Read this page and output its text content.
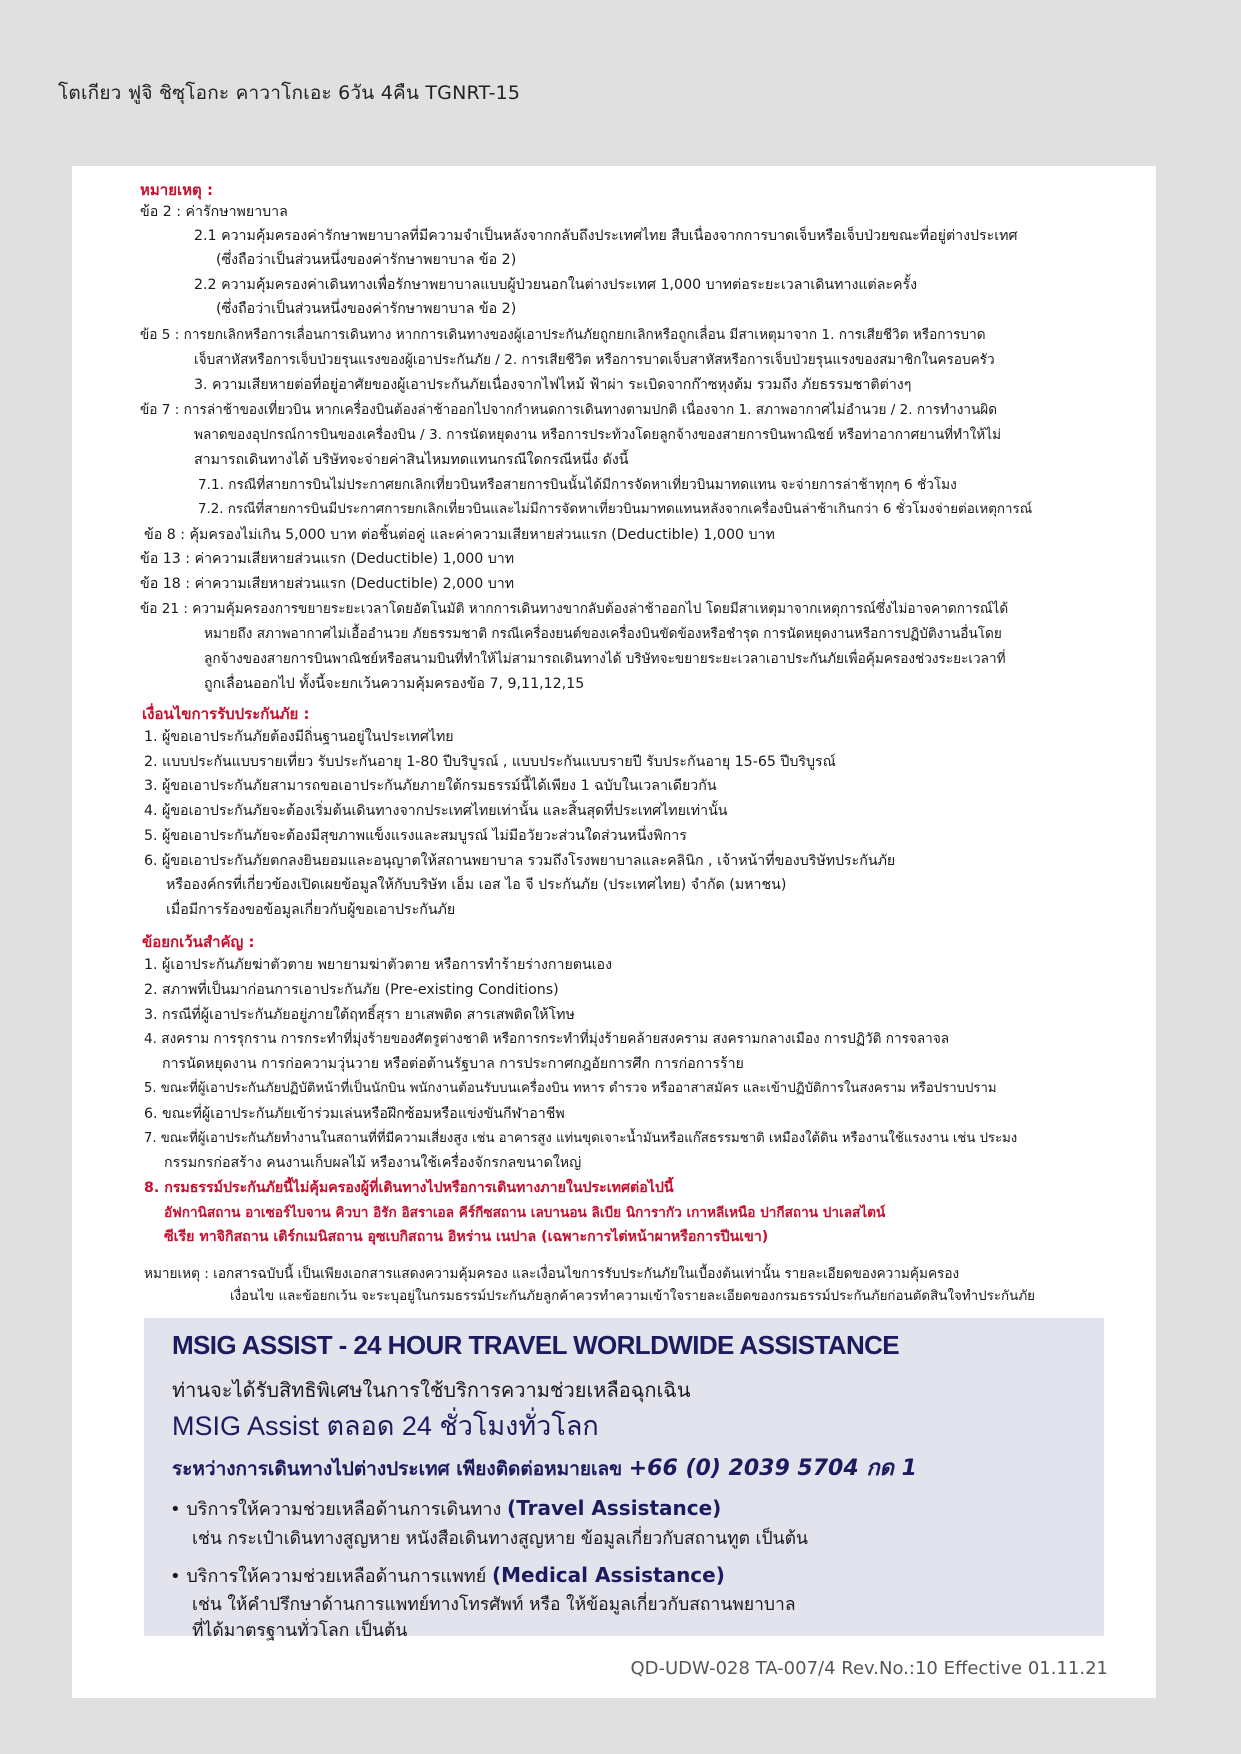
โตเกียว ฟูจิ ชิซุโอกะ คาวาโกเอะ 6วัน 4คืน TGNRT-15
หมายเหตุ :
ข้อ 2 : ค่ารักษาพยาบาล
2.1 ความคุ้มครองค่ารักษาพยาบาลที่มีความจำเป็นหลังจากกลับถึงประเทศไทย สืบเนื่องจากการบาดเจ็บหรือเจ็บป่วยขณะที่อยู่ต่างประเทศ
(ซึ่งถือว่าเป็นส่วนหนึ่งของค่ารักษาพยาบาล ข้อ 2)
2.2 ความคุ้มครองค่าเดินทางเพื่อรักษาพยาบาลแบบผู้ป่วยนอกในต่างประเทศ 1,000 บาทต่อระยะเวลาเดินทางแต่ละครั้ง
(ซึ่งถือว่าเป็นส่วนหนึ่งของค่ารักษาพยาบาล ข้อ 2)
ข้อ 5 : การยกเลิกหรือการเลื่อนการเดินทาง หากการเดินทางของผู้เอาประกันภัยถูกยกเลิกหรือถูกเลื่อน มีสาเหตุมาจาก 1. การเสียชีวิต หรือการบาด
เจ็บสาหัสหรือการเจ็บป่วยรุนแรงของผู้เอาประกันภัย / 2. การเสียชีวิต หรือการบาดเจ็บสาหัสหรือการเจ็บป่วยรุนแรงของสมาชิกในครอบครัว
3. ความเสียหายต่อที่อยู่อาศัยของผู้เอาประกันภัยเนื่องจากไฟไหม้ ฟ้าผ่า ระเบิดจากก๊าซหุงต้ม รวมถึง ภัยธรรมชาติต่างๆ
ข้อ 7 : การล่าช้าของเที่ยวบิน หากเครื่องบินต้องล่าช้าออกไปจากกำหนดการเดินทางตามปกติ เนื่องจาก 1. สภาพอากาศไม่อำนวย / 2. การทำงานผิด
พลาดของอุปกรณ์การบินของเครื่องบิน / 3. การนัดหยุดงาน หรือการประท้วงโดยลูกจ้างของสายการบินพาณิชย์ หรือท่าอากาศยานที่ทำให้ไม่
สามารถเดินทางได้ บริษัทจะจ่ายค่าสินไหมทดแทนกรณีใดกรณีหนึ่ง ดังนี้
7.1. กรณีที่สายการบินไม่ประกาศยกเลิกเที่ยวบินหรือสายการบินนั้นได้มีการจัดหาเที่ยวบินมาทดแทน จะจ่ายการล่าช้าทุกๆ 6 ชั่วโมง
7.2. กรณีที่สายการบินมีประกาศการยกเลิกเที่ยวบินและไม่มีการจัดหาเที่ยวบินมาทดแทนหลังจากเครื่องบินล่าช้าเกินกว่า 6 ชั่วโมงจ่ายต่อเหตุการณ์
ข้อ 8 : คุ้มครองไม่เกิน 5,000 บาท ต่อชิ้นต่อคู่ และค่าความเสียหายส่วนแรก (Deductible) 1,000 บาท
ข้อ 13 : ค่าความเสียหายส่วนแรก (Deductible) 1,000 บาท
ข้อ 18 : ค่าความเสียหายส่วนแรก (Deductible) 2,000 บาท
ข้อ 21 : ความคุ้มครองการขยายระยะเวลาโดยอัตโนมัติ หากการเดินทางขากลับต้องล่าช้าออกไป โดยมีสาเหตุมาจากเหตุการณ์ซึ่งไม่อาจคาดการณ์ได้
หมายถึง สภาพอากาศไม่เอื้ออำนวย ภัยธรรมชาติ กรณีเครื่องยนต์ของเครื่องบินขัดข้องหรือชำรุด การนัดหยุดงานหรือการปฏิบัติงานอื่นโดย
ลูกจ้างของสายการบินพาณิชย์หรือสนามบินที่ทำให้ไม่สามารถเดินทางได้ บริษัทจะขยายระยะเวลาเอาประกันภัยเพื่อคุ้มครองช่วงระยะเวลาที่
ถูกเลื่อนออกไป ทั้งนี้จะยกเว้นความคุ้มครองข้อ 7, 9,11,12,15
เงื่อนไขการรับประกันภัย :
1. ผู้ขอเอาประกันภัยต้องมีถิ่นฐานอยู่ในประเทศไทย
2. แบบประกันแบบรายเที่ยว รับประกันอายุ 1-80 ปีบริบูรณ์ , แบบประกันแบบรายปี รับประกันอายุ 15-65 ปีบริบูรณ์
3. ผู้ขอเอาประกันภัยสามารถขอเอาประกันภัยภายใต้กรมธรรม์นี้ได้เพียง 1 ฉบับในเวลาเดียวกัน
4. ผู้ขอเอาประกันภัยจะต้องเริ่มต้นเดินทางจากประเทศไทยเท่านั้น และสิ้นสุดที่ประเทศไทยเท่านั้น
5. ผู้ขอเอาประกันภัยจะต้องมีสุขภาพแข็งแรงและสมบูรณ์ ไม่มีอวัยวะส่วนใดส่วนหนึ่งพิการ
6. ผู้ขอเอาประกันภัยตกลงยินยอมและอนุญาตให้สถานพยาบาล รวมถึงโรงพยาบาลและคลินิก , เจ้าหน้าที่ของบริษัทประกันภัย
หรือองค์กรที่เกี่ยวข้องเปิดเผยข้อมูลให้กับบริษัท เอ็ม เอส ไอ จี ประกันภัย (ประเทศไทย) จำกัด (มหาชน)
เมื่อมีการร้องขอข้อมูลเกี่ยวกับผู้ขอเอาประกันภัย
ข้อยกเว้นสำคัญ :
1. ผู้เอาประกันภัยฆ่าตัวตาย พยายามฆ่าตัวตาย หรือการทำร้ายร่างกายตนเอง
2. สภาพที่เป็นมาก่อนการเอาประกันภัย (Pre-existing Conditions)
3. กรณีที่ผู้เอาประกันภัยอยู่ภายใต้ฤทธิ์สุรา ยาเสพติด สารเสพติดให้โทษ
4. สงคราม การรุกราน การกระทำที่มุ่งร้ายของศัตรูต่างชาติ หรือการกระทำที่มุ่งร้ายคล้ายสงคราม สงครามกลางเมือง การปฏิวัติ การจลาจล
การนัดหยุดงาน การก่อความวุ่นวาย หรือต่อต้านรัฐบาล การประกาศกฎอัยการศึก การก่อการร้าย
5. ขณะที่ผู้เอาประกันภัยปฏิบัติหน้าที่เป็นนักบิน พนักงานต้อนรับบนเครื่องบิน ทหาร ตำรวจ หรืออาสาสมัคร และเข้าปฏิบัติการในสงคราม หรือปราบปราม
6. ขณะที่ผู้เอาประกันภัยเข้าร่วมเล่นหรือฝึกซ้อมหรือแข่งขันกีฬาอาชีพ
7. ขณะที่ผู้เอาประกันภัยทำงานในสถานที่ที่มีความเสี่ยงสูง เช่น อาคารสูง แท่นขุดเจาะน้ำมันหรือแก๊สธรรมชาติ เหมืองใต้ดิน หรืองานใช้แรงงาน เช่น ประมง
กรรมกรก่อสร้าง คนงานเก็บผลไม้ หรืองานใช้เครื่องจักรกลขนาดใหญ่
8. กรมธรรม์ประกันภัยนี้ไม่คุ้มครองผู้ที่เดินทางไปหรือการเดินทางภายในประเทศต่อไปนี้
อัฟกานิสถาน อาเซอร์ไบจาน คิวบา อิรัก อิสราเอล คีร์กีซสถาน เลบานอน ลิเบีย นิการากัว เกาหลีเหนือ ปากีสถาน ปาเลสไตน์
ซีเรีย ทาจิกิสถาน เติร์กเมนิสถาน อุซเบกิสถาน อิหร่าน เนปาล (เฉพาะการไต่หน้าผาหรือการปีนเขา)
หมายเหตุ : เอกสารฉบับนี้ เป็นเพียงเอกสารแสดงความคุ้มครอง และเงื่อนไขการรับประกันภัยในเบื้องต้นเท่านั้น รายละเอียดของความคุ้มครอง
เงื่อนไข และข้อยกเว้น จะระบุอยู่ในกรมธรรม์ประกันภัยลูกค้าควรทำความเข้าใจรายละเอียดของกรมธรรม์ประกันภัยก่อนตัดสินใจทำประกันภัย
MSIG ASSIST - 24 HOUR TRAVEL WORLDWIDE ASSISTANCE
ท่านจะได้รับสิทธิพิเศษในการใช้บริการความช่วยเหลือฉุกเฉิน
MSIG Assist ตลอด 24 ชั่วโมงทั่วโลก
ระหว่างการเดินทางไปต่างประเทศ เพียงติดต่อหมายเลข +66 (0) 2039 5704 กด 1
• บริการให้ความช่วยเหลือด้านการเดินทาง (Travel Assistance)
เช่น กระเป๋าเดินทางสูญหาย หนังสือเดินทางสูญหาย ข้อมูลเกี่ยวกับสถานทูต เป็นต้น
• บริการให้ความช่วยเหลือด้านการแพทย์ (Medical Assistance)
เช่น ให้คำปรึกษาด้านการแพทย์ทางโทรศัพท์ หรือ ให้ข้อมูลเกี่ยวกับสถานพยาบาล
ที่ได้มาตรฐานทั่วโลก เป็นต้น
QD-UDW-028 TA-007/4 Rev.No.:10 Effective 01.11.21
